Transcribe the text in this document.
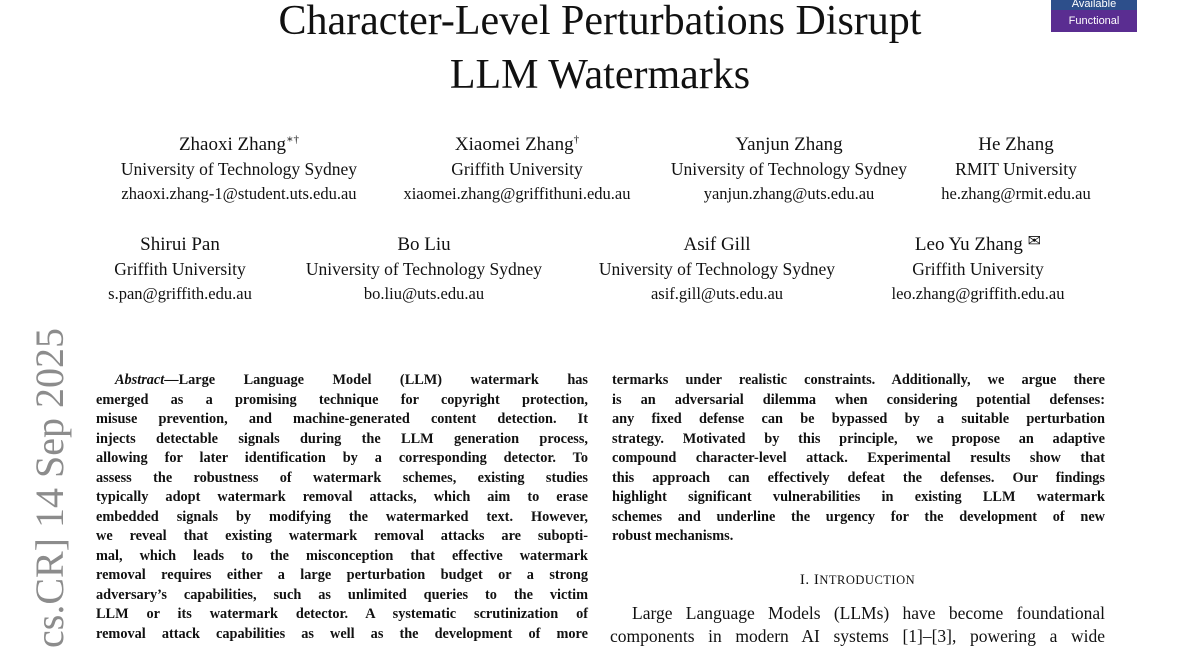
Character-Level Perturbations Disrupt
LLM Watermarks
Available
Functional
Zhaoxi Zhang∗†
University of Technology Sydney
zhaoxi.zhang-1@student.uts.edu.au
Xiaomei Zhang†
Griffith University
xiaomei.zhang@griffithuni.edu.au
Yanjun Zhang
University of Technology Sydney
yanjun.zhang@uts.edu.au
He Zhang
RMIT University
he.zhang@rmit.edu.au
Shirui Pan
Griffith University
s.pan@griffith.edu.au
Bo Liu
University of Technology Sydney
bo.liu@uts.edu.au
Asif Gill
University of Technology Sydney
asif.gill@uts.edu.au
Leo Yu Zhang ✉
Griffith University
leo.zhang@griffith.edu.au
cs.CR] 14 Sep 2025	Abstract—Large Language Model (LLM) watermark has
emerged as a promising technique for copyright protection,
misuse prevention, and machine-generated content detection. It
injects detectable signals during the LLM generation process,
allowing for later identification by a corresponding detector. To
assess the robustness of watermark schemes, existing studies
typically adopt watermark removal attacks, which aim to erase
embedded signals by modifying the watermarked text. However,
we reveal that existing watermark removal attacks are subopti-
mal, which leads to the misconception that effective watermark
removal requires either a large perturbation budget or a strong
adversary’s capabilities, such as unlimited queries to the victim
LLM or its watermark detector. A systematic scrutinization of
removal attack capabilities as well as the development of more
termarks under realistic constraints. Additionally, we argue there
is an adversarial dilemma when considering potential defenses:
any fixed defense can be bypassed by a suitable perturbation
strategy. Motivated by this principle, we propose an adaptive
compound character-level attack. Experimental results show that
this approach can effectively defeat the defenses. Our findings
highlight significant vulnerabilities in existing LLM watermark
schemes and underline the urgency for the development of new
robust mechanisms.
I. INTRODUCTION
Large Language Models (LLMs) have become foundational
components in modern AI systems [1]–[3], powering a wide
